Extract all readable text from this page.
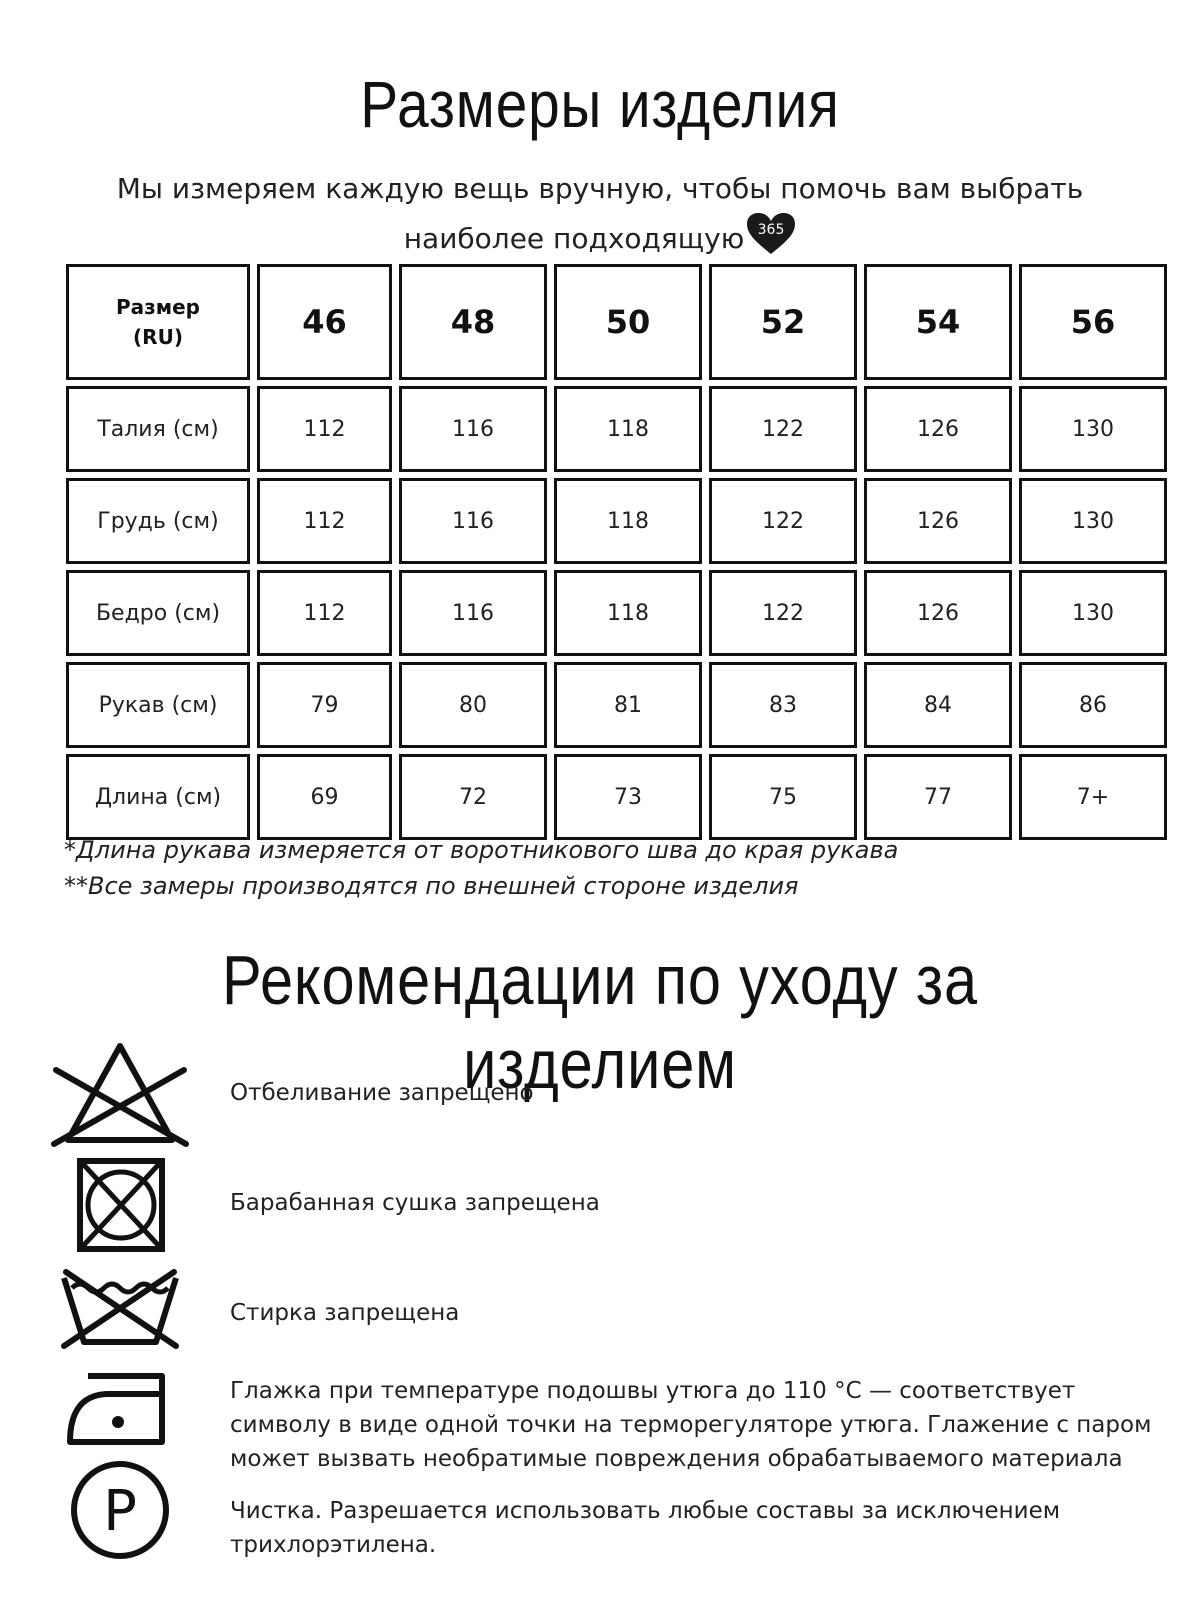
Размеры изделия

Мы измеряем каждую вещь вручную, чтобы помочь вам выбрать наиболее подходящую 365

Размер
(RU)	46	48	50	52	54	56
Талия (см)	112	116	118	122	126	130
Грудь (см)	112	116	118	122	126	130
Бедро (см)	112	116	118	122	126	130
Рукав (см)	79	80	81	83	84	86
Длина (см)	69	72	73	75	77	7+

*Длина рукава измеряется от воротникового шва до края рукава

**Все замеры производятся по внешней стороне изделия

Рекомендации по уходу за изделием

Отбеливание запрещено

Барабанная сушка запрещена

Стирка запрещена

Глажка при температуре подошвы утюга до 110 °С — соответствует символу в виде одной точки на терморегуляторе утюга. Глажение с паром может вызвать необратимые повреждения обрабатываемого материала

P	Чистка. Разрешается использовать любые составы за исключением трихлорэтилена.
